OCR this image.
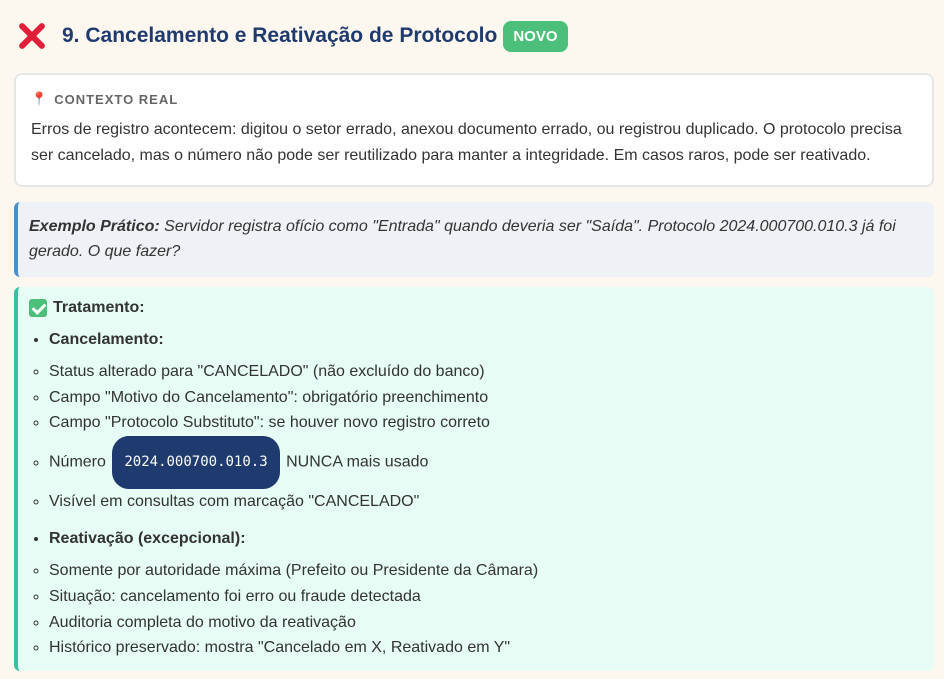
9. Cancelamento e Reativação de Protocolo	NOVO
📍 CONTEXTO REAL
Erros de registro acontecem: digitou o setor errado, anexou documento errado, ou registrou duplicado. O protocolo precisa ser cancelado, mas o número não pode ser reutilizado para manter a integridade. Em casos raros, pode ser reativado.
Exemplo Prático: Servidor registra ofício como "Entrada" quando deveria ser "Saída". Protocolo 2024.000700.010.3 já foi gerado. O que fazer?
Tratamento:
• Cancelamento:
◦ Status alterado para "CANCELADO" (não excluído do banco)
◦ Campo "Motivo do Cancelamento": obrigatório preenchimento
◦ Campo "Protocolo Substituto": se houver novo registro correto
◦ Número 2024.000700.010.3 NUNCA mais usado
◦ Visível em consultas com marcação "CANCELADO"
• Reativação (excepcional):
◦ Somente por autoridade máxima (Prefeito ou Presidente da Câmara)
◦ Situação: cancelamento foi erro ou fraude detectada
◦ Auditoria completa do motivo da reativação
◦ Histórico preservado: mostra "Cancelado em X, Reativado em Y"
